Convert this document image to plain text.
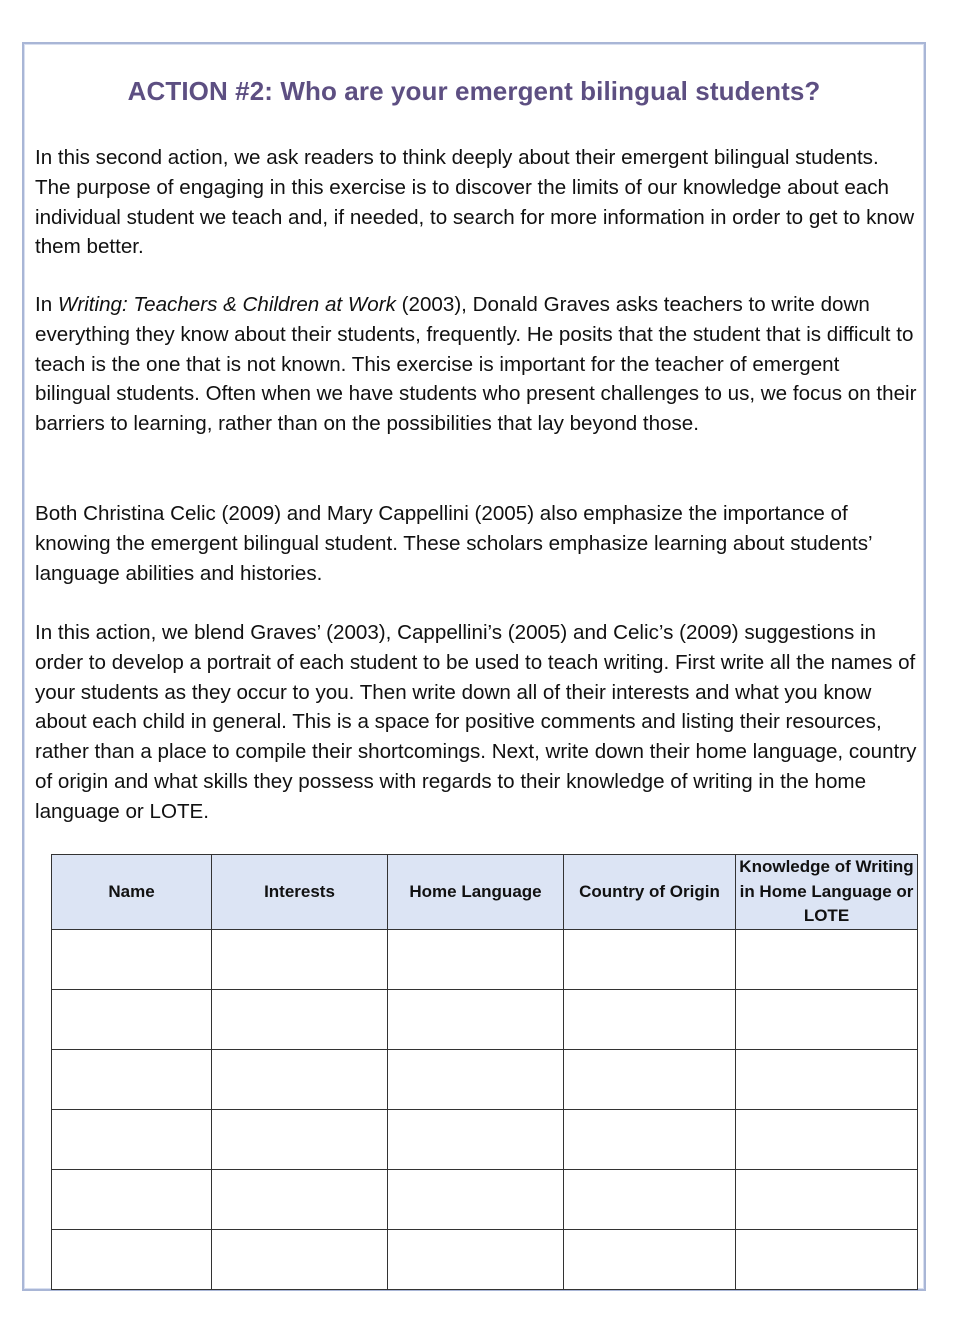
ACTION #2: Who are your emergent bilingual students?

In this second action, we ask readers to think deeply about their emergent bilingual students. The purpose of engaging in this exercise is to discover the limits of our knowledge about each individual student we teach and, if needed, to search for more information in order to get to know them better.

In Writing: Teachers & Children at Work (2003), Donald Graves asks teachers to write down everything they know about their students, frequently. He posits that the student that is difficult to teach is the one that is not known. This exercise is important for the teacher of emergent bilingual students. Often when we have students who present challenges to us, we focus on their barriers to learning, rather than on the possibilities that lay beyond those.

Both Christina Celic (2009) and Mary Cappellini (2005) also emphasize the importance of knowing the emergent bilingual student. These scholars emphasize learning about students’ language abilities and histories.

In this action, we blend Graves’ (2003), Cappellini’s (2005) and Celic’s (2009) suggestions in order to develop a portrait of each student to be used to teach writing. First write all the names of your students as they occur to you. Then write down all of their interests and what you know about each child in general. This is a space for positive comments and listing their resources, rather than a place to compile their shortcomings. Next, write down their home language, country of origin and what skills they possess with regards to their knowledge of writing in the home language or LOTE.

Name	Interests	Home Language	Country of Origin	Knowledge of Writing in Home Language or LOTE
